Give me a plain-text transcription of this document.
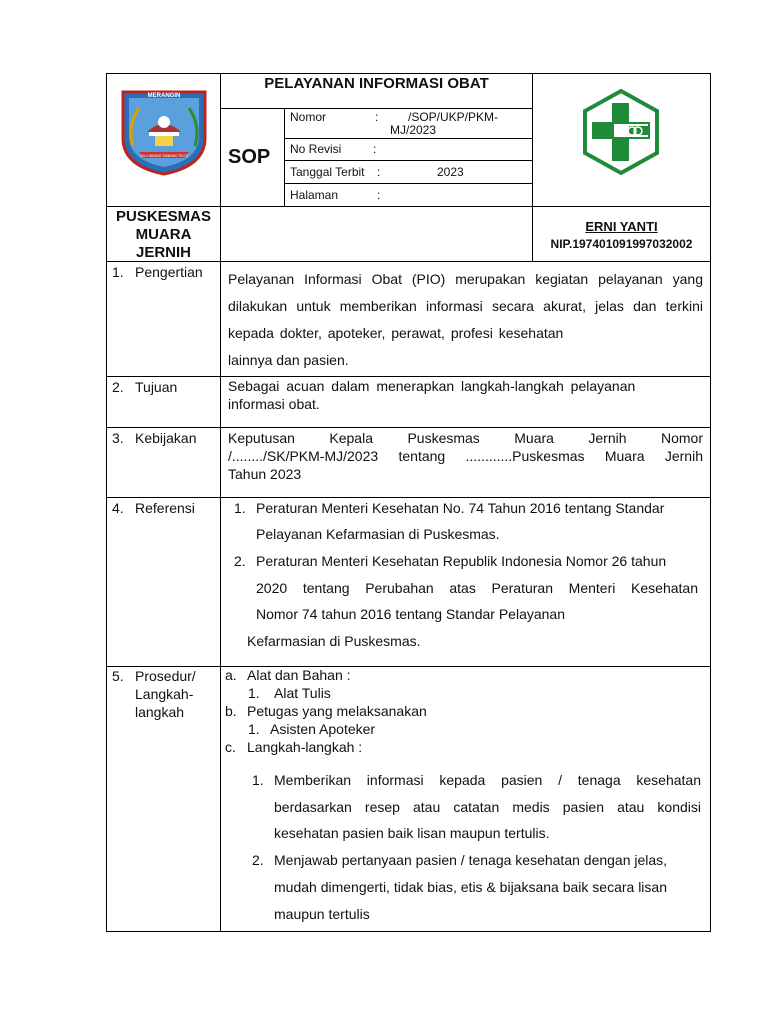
MERANGIN
TALI UNDANG TAMBANG TELITI
PELAYANAN INFORMASI OBAT
SOP
Nomor	: /SOP/UKP/PKM-
MJ/2023
No Revisi	:
Tanggal Terbit :	2023
Halaman	:
PUSKESMAS
MUARA
JERNIH
ERNI YANTI
NIP.197401091997032002
1. Pengertian Pelayanan Informasi Obat (PIO) merupakan kegiatan pelayanan yang
dilakukan untuk memberikan informasi secara akurat, jelas dan terkini
kepada dokter, apoteker, perawat, profesi kesehatan
lainnya dan pasien.
2. Tujuan	Sebagai acuan dalam menerapkan langkah-langkah pelayanan
informasi obat.
3. Kebijakan Keputusan Kepala Puskesmas Muara Jernih Nomor
/......../SK/PKM-MJ/2023 tentang ............Puskesmas Muara Jernih
Tahun 2023
4. Referensi	1. Peraturan Menteri Kesehatan No. 74 Tahun 2016 tentang Standar
Pelayanan Kefarmasian di Puskesmas.
2. Peraturan Menteri Kesehatan Republik Indonesia Nomor 26 tahun
2020 tentang Perubahan atas Peraturan Menteri Kesehatan
Nomor 74 tahun 2016 tentang Standar Pelayanan
Kefarmasian di Puskesmas.
5. Prosedur/
Langkah-
langkah
a. Alat dan Bahan :
1. Alat Tulis
b. Petugas yang melaksanakan
1. Asisten Apoteker
c. Langkah-langkah :
1. Memberikan informasi kepada pasien / tenaga kesehatan
berdasarkan resep atau catatan medis pasien atau kondisi
kesehatan pasien baik lisan maupun tertulis.
2. Menjawab pertanyaan pasien / tenaga kesehatan dengan jelas,
mudah dimengerti, tidak bias, etis & bijaksana baik secara lisan
maupun tertulis
